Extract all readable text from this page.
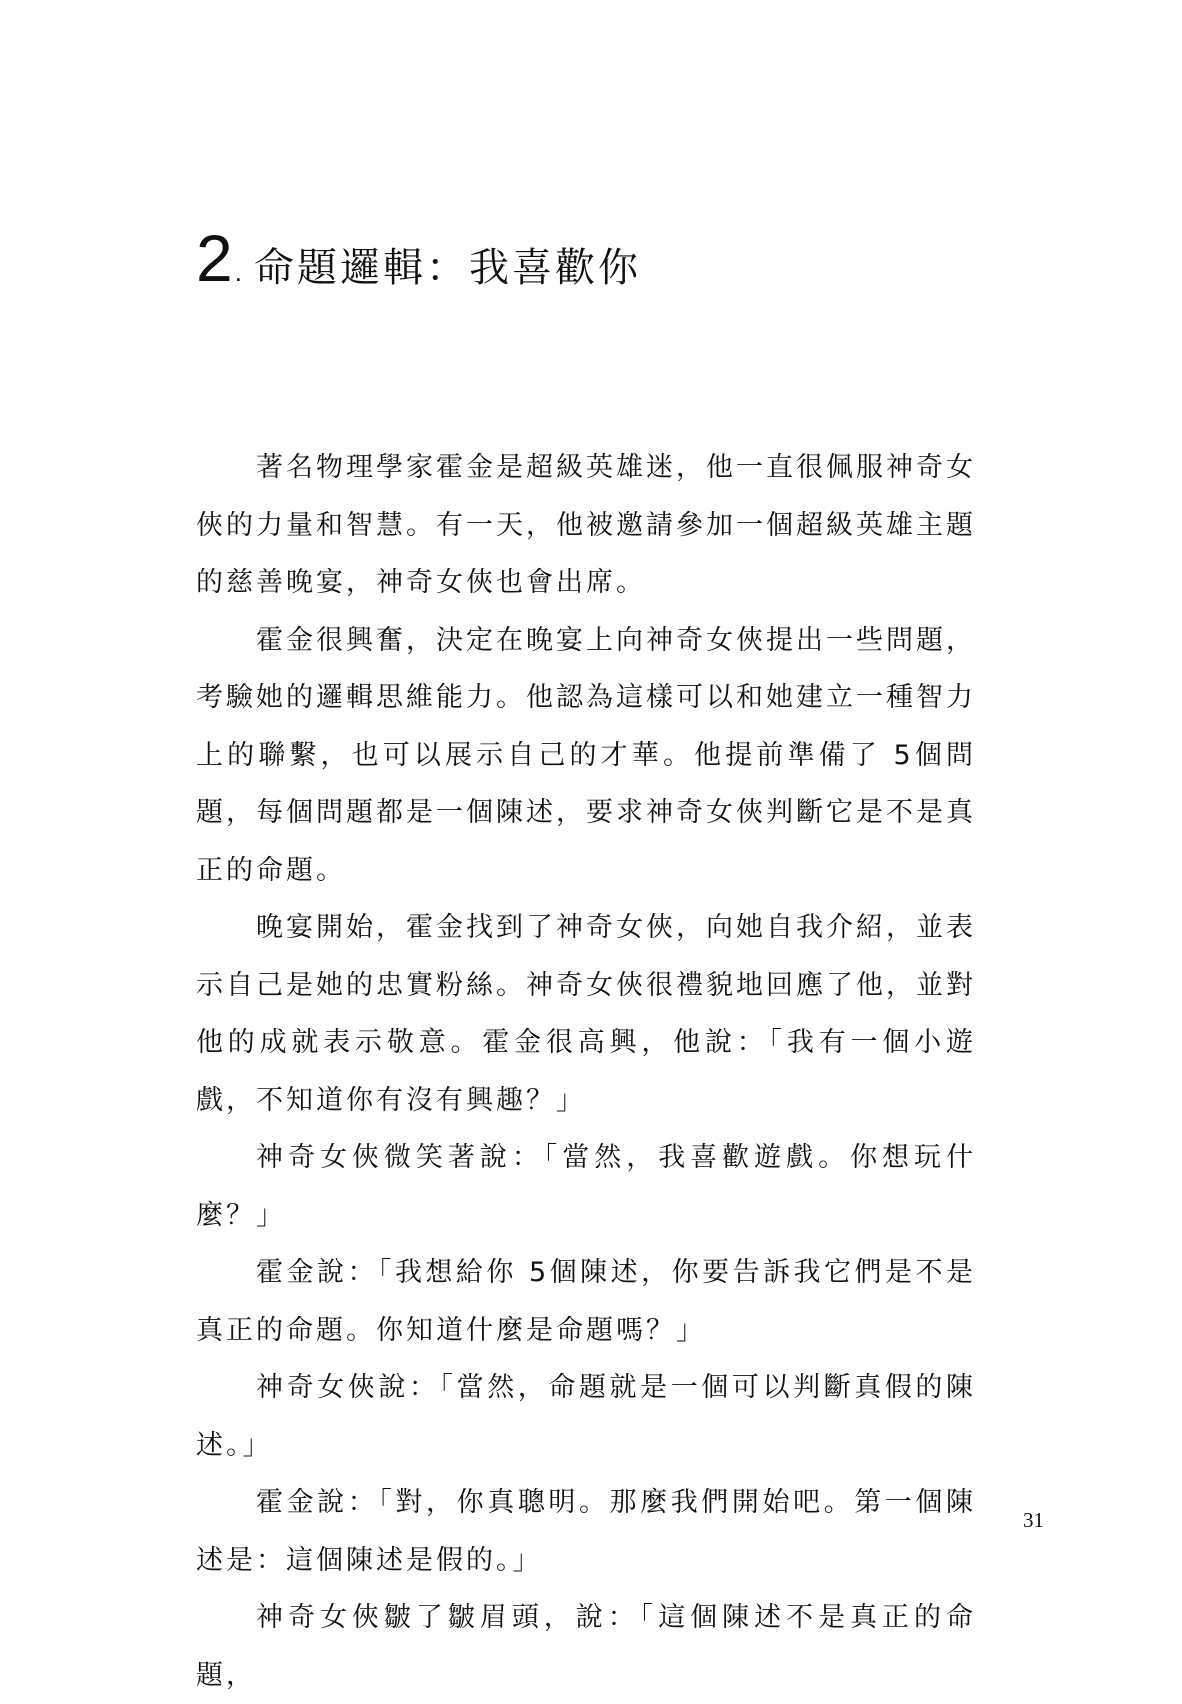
2. 命題邏輯：我喜歡你

著名物理學家霍金是超級英雄迷，他一直很佩服神奇女俠的力量和智慧。有一天，他被邀請參加一個超級英雄主題的慈善晚宴，神奇女俠也會出席。

霍金很興奮，決定在晚宴上向神奇女俠提出一些問題，考驗她的邏輯思維能力。他認為這樣可以和她建立一種智力上的聯繫，也可以展示自己的才華。他提前準備了 5個問題，每個問題都是一個陳述，要求神奇女俠判斷它是不是真正的命題。

晚宴開始，霍金找到了神奇女俠，向她自我介紹，並表示自己是她的忠實粉絲。神奇女俠很禮貌地回應了他，並對他的成就表示敬意。霍金很高興，他說：「我有一個小遊戲，不知道你有沒有興趣？」

神奇女俠微笑著說：「當然，我喜歡遊戲。你想玩什麼？」

霍金說：「我想給你 5個陳述，你要告訴我它們是不是真正的命題。你知道什麼是命題嗎？」

神奇女俠說：「當然，命題就是一個可以判斷真假的陳述。」

霍金說：「對，你真聰明。那麼我們開始吧。第一個陳述是：這個陳述是假的。」

神奇女俠皺了皺眉頭，說：「這個陳述不是真正的命題，

31
